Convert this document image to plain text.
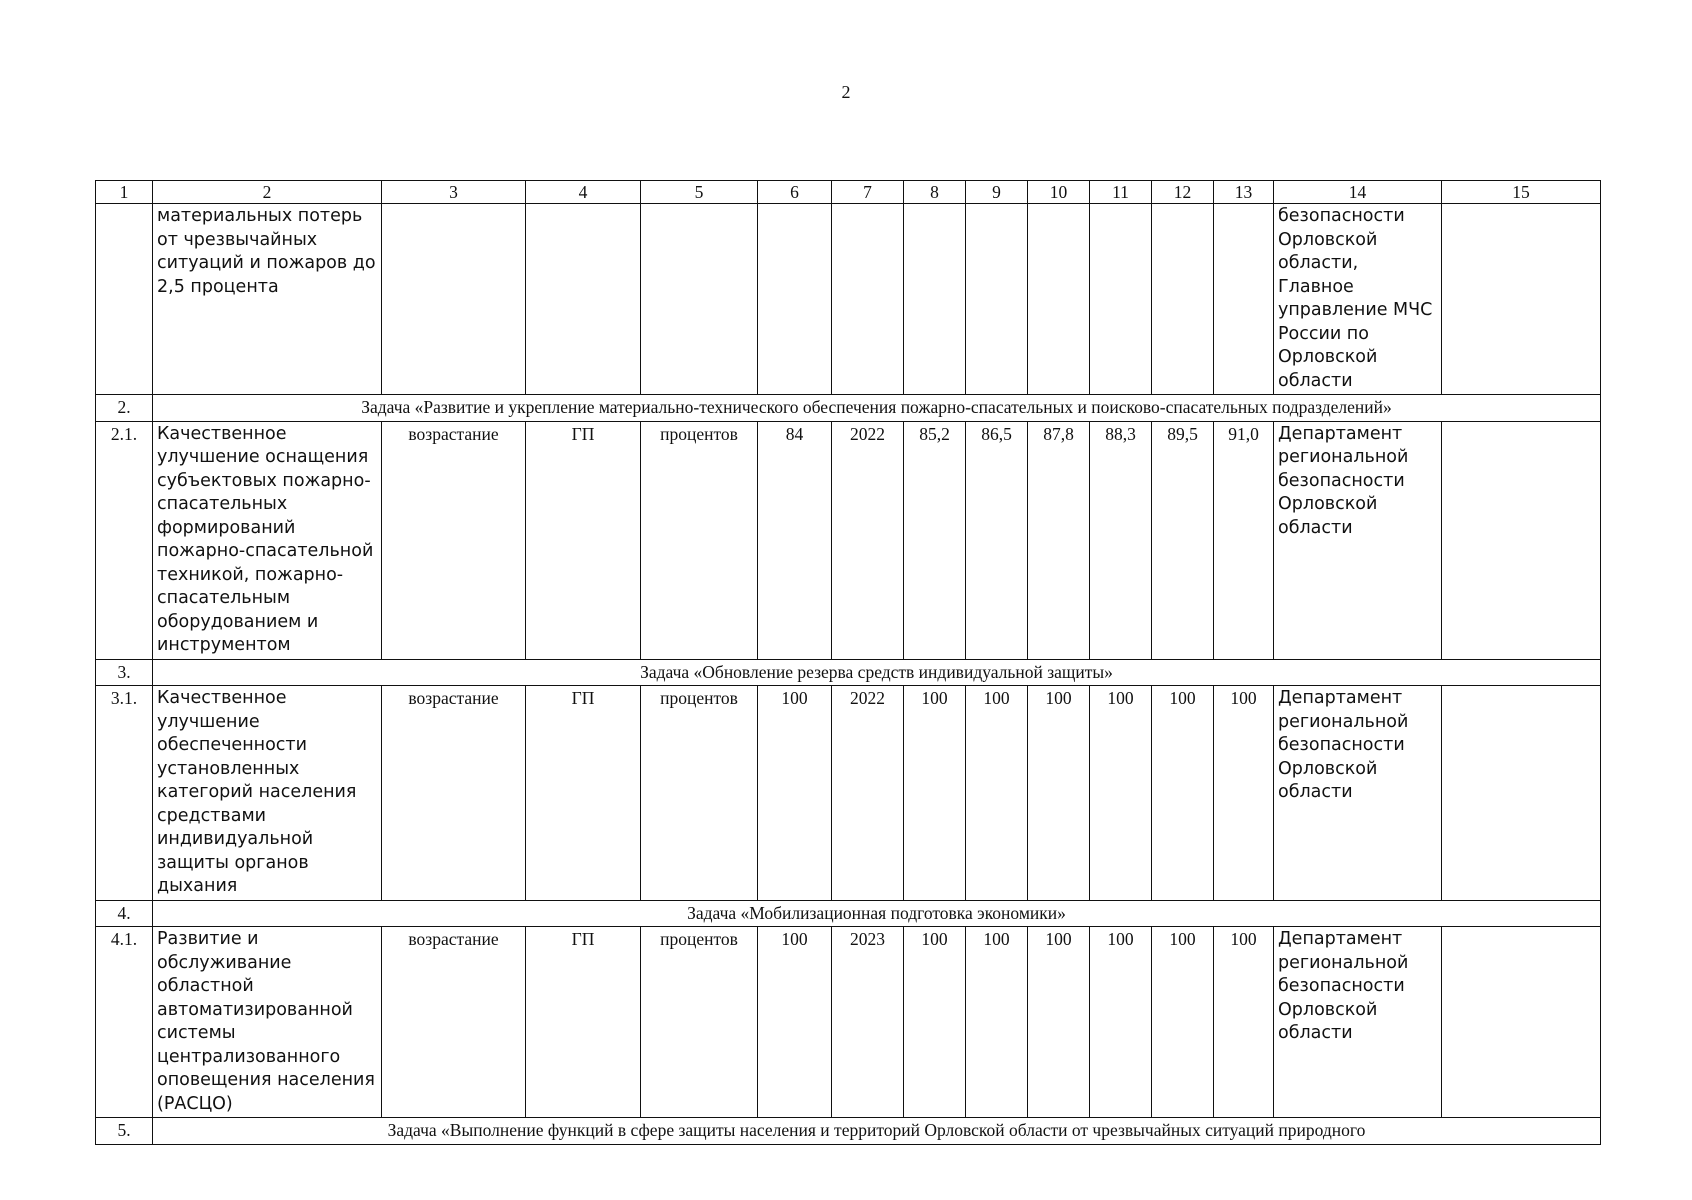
2
1	2	3	4	5	6	7	8	9	10	11	12	13	14	15
	материальных потерь от чрезвычайных ситуаций и пожаров до 2,5 процента												безопасности Орловской области, Главное управление МЧС России по Орловской области	
2.	Задача «Развитие и укрепление материально-технического обеспечения пожарно-спасательных и поисково-спасательных подразделений»													
2.1.	Качественное улучшение оснащения субъектовых пожарно-спасательных формирований пожарно-спасательной техникой, пожарно-спасательным оборудованием и инструментом	возрастание	ГП	процентов	84	2022	85,2	86,5	87,8	88,3	89,5	91,0	Департамент региональной безопасности Орловской области	
3.	Задача «Обновление резерва средств индивидуальной защиты»													
3.1.	Качественное улучшение обеспеченности установленных категорий населения средствами индивидуальной защиты органов дыхания	возрастание	ГП	процентов	100	2022	100	100	100	100	100	100	Департамент региональной безопасности Орловской области	
4.	Задача «Мобилизационная подготовка экономики»													
4.1.	Развитие и обслуживание областной автоматизированной системы централизованного оповещения населения (РАСЦО)	возрастание	ГП	процентов	100	2023	100	100	100	100	100	100	Департамент региональной безопасности Орловской области	
5.	Задача «Выполнение функций в сфере защиты населения и территорий Орловской области от чрезвычайных ситуаций природного													
